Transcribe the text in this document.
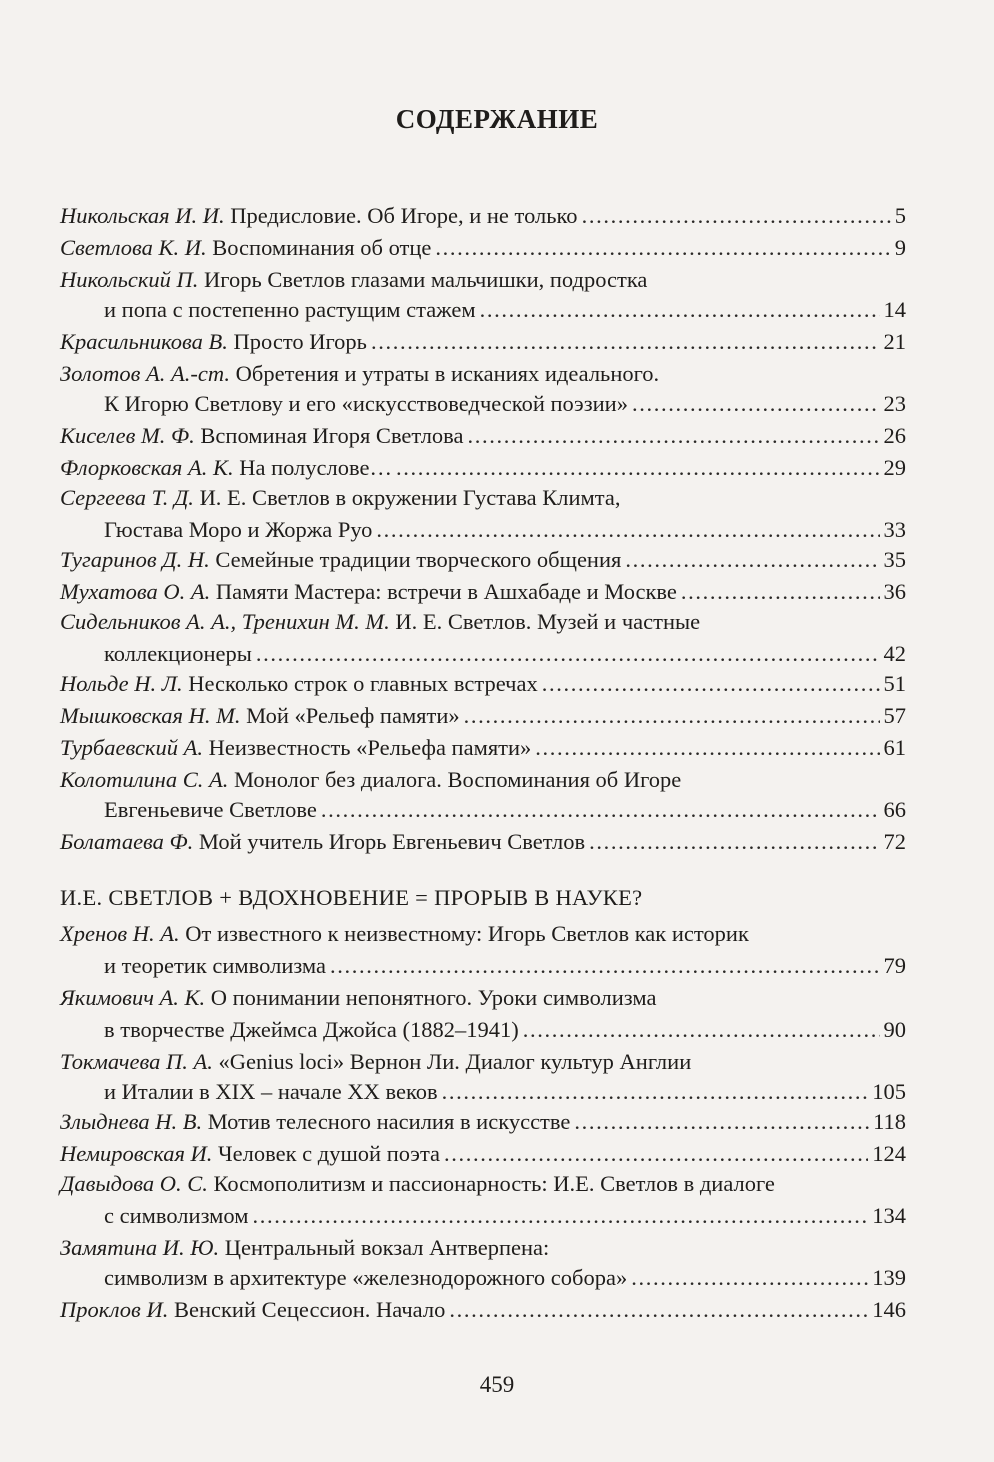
СОДЕРЖАНИЕ
Никольская И. И. Предисловие. Об Игоре, и не только . . .	5
Светлова К. И. Воспоминания об отце . . .	9
Никольский П. Игорь Светлов глазами мальчишки, подростка
и попа с постепенно растущим стажем . . .	14
Красильникова В. Просто Игорь . . .	21
Золотов А. А.-ст. Обретения и утраты в исканиях идеального.
К Игорю Светлову и его «искусствоведческой поэзии» . . .	23
Киселев М. Ф. Вспоминая Игоря Светлова . . .	26
Флорковская А. К. На полуслове… . . .	29
Сергеева Т. Д. И. Е. Светлов в окружении Густава Климта,
Гюстава Моро и Жоржа Руо . . .	33
Тугаринов Д. Н. Семейные традиции творческого общения . . .	35
Мухатова О. А. Памяти Мастера: встречи в Ашхабаде и Москве . . .	36
Сидельников А. А., Тренихин М. М. И. Е. Светлов. Музей и частные
коллекционеры . . .	42
Нольде Н. Л. Несколько строк о главных встречах . . .	51
Мышковская Н. М. Мой «Рельеф памяти» . . .	57
Турбаевский А. Неизвестность «Рельефа памяти» . . .	61
Колотилина С. А. Монолог без диалога. Воспоминания об Игоре
Евгеньевиче Светлове . . .	66
Болатаева Ф. Мой учитель Игорь Евгеньевич Светлов . . .	72
Хренов Н. А. От известного к неизвестному: Игорь Светлов как историк
и теоретик символизма . . .	79
Якимович А. К. О понимании непонятного. Уроки символизма
в творчестве Джеймса Джойса (1882–1941) . . .	90
Токмачева П. А. «Genius loci» Вернон Ли. Диалог культур Англии
и Италии в XIX – начале XX веков . . .	105
Злыднева Н. В. Мотив телесного насилия в искусстве . . .	118
Немировская И. Человек с душой поэта . . .	124
Давыдова О. С. Космополитизм и пассионарность: И.Е. Светлов в диалоге
с символизмом . . .	134
Замятина И. Ю. Центральный вокзал Антверпена:
символизм в архитектуре «железнодорожного собора» . . .	139
Проклов И. Венский Сецессион. Начало . . .	146
И.Е. СВЕТЛОВ + ВДОХНОВЕНИЕ = ПРОРЫВ В НАУКЕ?
459
